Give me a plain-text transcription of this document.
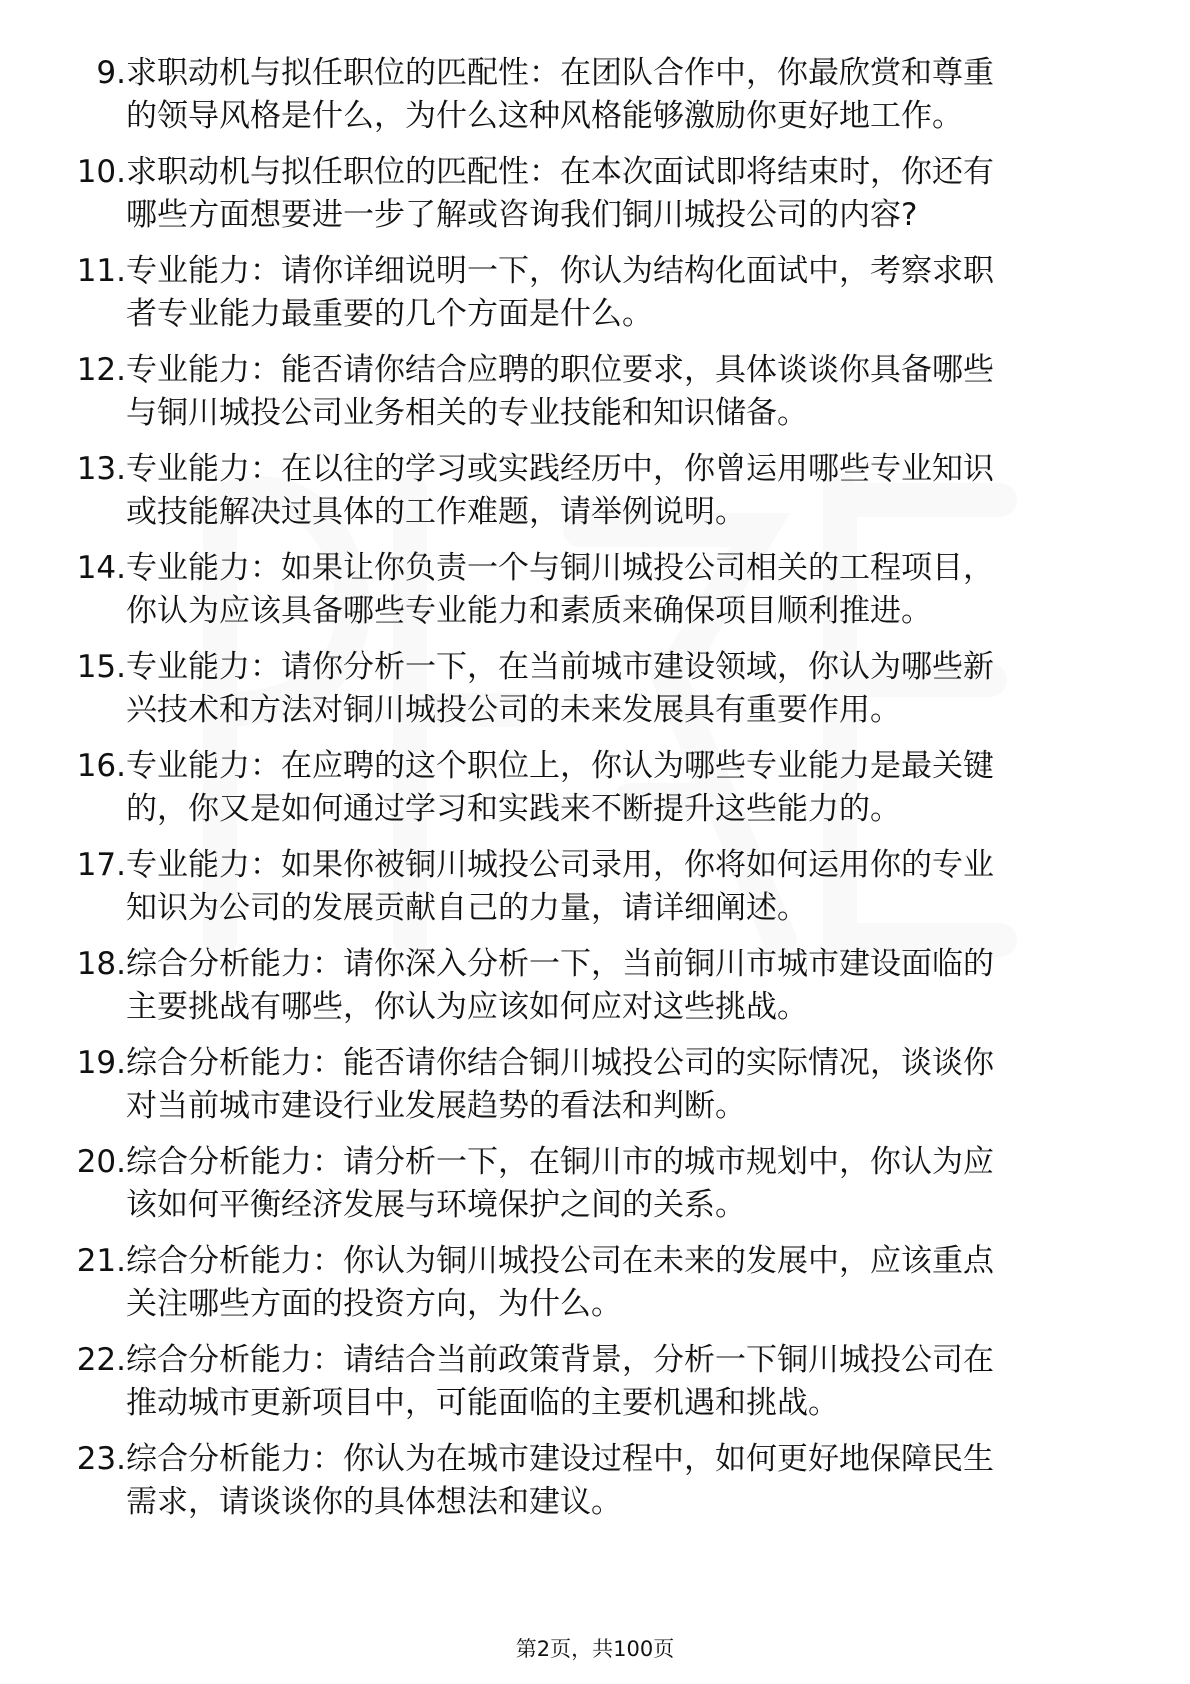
9. 求职动机与拟任职位的匹配性：在团队合作中，你最欣赏和尊重
的领导风格是什么，为什么这种风格能够激励你更好地工作。

10. 求职动机与拟任职位的匹配性：在本次面试即将结束时，你还有
哪些方面想要进一步了解或咨询我们铜川城投公司的内容?

11. 专业能力：请你详细说明一下，你认为结构化面试中，考察求职
者专业能力最重要的几个方面是什么。

12. 专业能力：能否请你结合应聘的职位要求，具体谈谈你具备哪些
与铜川城投公司业务相关的专业技能和知识储备。

13. 专业能力：在以往的学习或实践经历中，你曾运用哪些专业知识
或技能解决过具体的工作难题，请举例说明。

14. 专业能力：如果让你负责一个与铜川城投公司相关的工程项目，
你认为应该具备哪些专业能力和素质来确保项目顺利推进。

15. 专业能力：请你分析一下，在当前城市建设领域，你认为哪些新
兴技术和方法对铜川城投公司的未来发展具有重要作用。

16. 专业能力：在应聘的这个职位上，你认为哪些专业能力是最关键
的，你又是如何通过学习和实践来不断提升这些能力的。

17. 专业能力：如果你被铜川城投公司录用，你将如何运用你的专业
知识为公司的发展贡献自己的力量，请详细阐述。

18. 综合分析能力：请你深入分析一下，当前铜川市城市建设面临的
主要挑战有哪些，你认为应该如何应对这些挑战。

19. 综合分析能力：能否请你结合铜川城投公司的实际情况，谈谈你
对当前城市建设行业发展趋势的看法和判断。

20. 综合分析能力：请分析一下，在铜川市的城市规划中，你认为应
该如何平衡经济发展与环境保护之间的关系。

21. 综合分析能力：你认为铜川城投公司在未来的发展中，应该重点
关注哪些方面的投资方向，为什么。

22. 综合分析能力：请结合当前政策背景，分析一下铜川城投公司在
推动城市更新项目中，可能面临的主要机遇和挑战。

23. 综合分析能力：你认为在城市建设过程中，如何更好地保障民生
需求，请谈谈你的具体想法和建议。

第2页，共100页
